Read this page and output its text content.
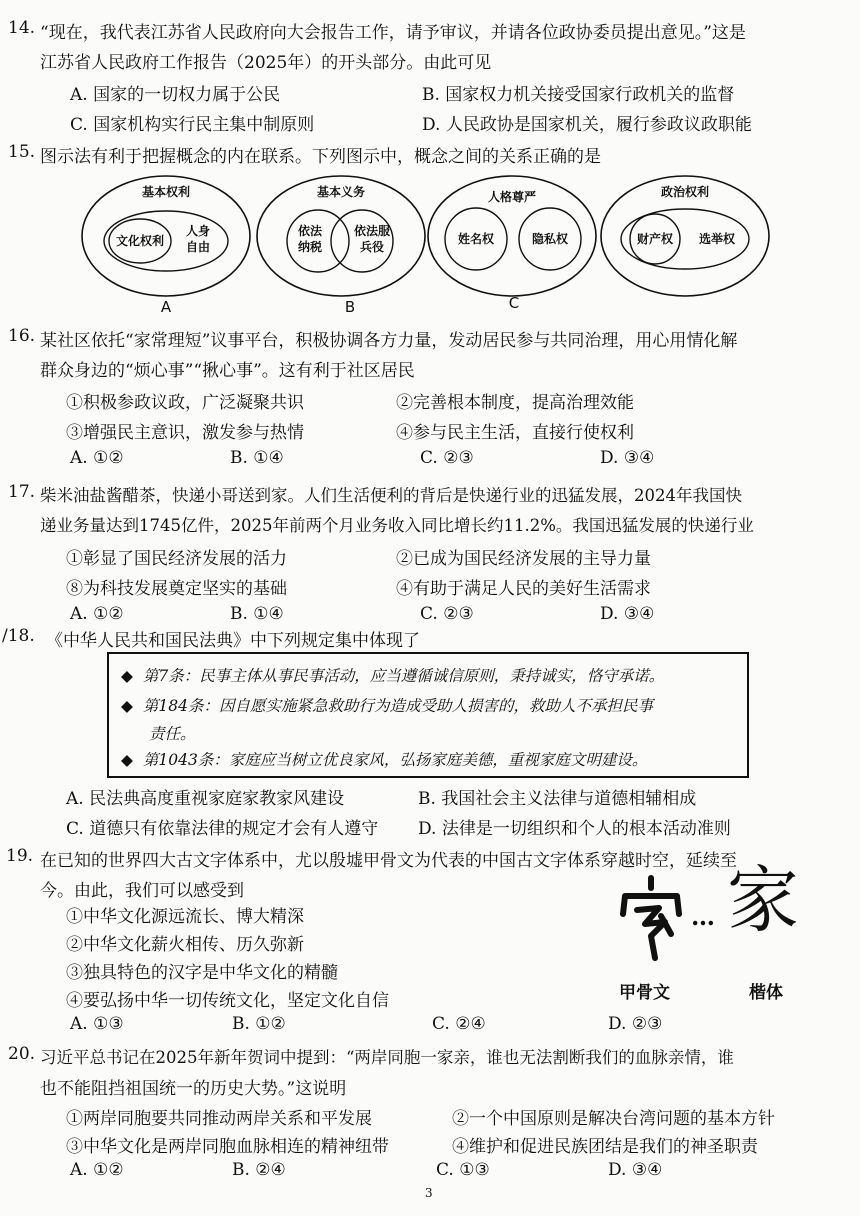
14. “现在，我代表江苏省人民政府向大会报告工作，请予审议，并请各位政协委员提出意见。”这是
江苏省人民政府工作报告（2025年）的开头部分。由此可见
A. 国家的一切权力属于公民	B. 国家权力机关接受国家行政机关的监督
C. 国家机构实行民主集中制原则	D. 人民政协是国家机关，履行参政议政职能
15. 图示法有利于把握概念的内在联系。下列图示中，概念之间的关系正确的是
基本权利
文化权利
人身
自由
A
基本义务
依法
纳税
依法服
兵役
B
人格尊严
姓名权	隐私权
C
政治权利
财产权 选举权
16. 某社区依托“家常理短”议事平台，积极协调各方力量，发动居民参与共同治理，用心用情化解
群众身边的“烦心事”“揪心事”。这有利于社区居民
①积极参政议政，广泛凝聚共识	②完善根本制度，提高治理效能
③增强民主意识，激发参与热情	④参与民主生活，直接行使权利
A. ①②	B. ①④	C. ②③	D. ③④
17. 柴米油盐酱醋茶，快递小哥送到家。人们生活便利的背后是快递行业的迅猛发展，2024年我国快
递业务量达到1745亿件，2025年前两个月业务收入同比增长约11.2%。我国迅猛发展的快递行业
①彰显了国民经济发展的活力	②已成为国民经济发展的主导力量
⑧为科技发展奠定坚实的基础	④有助于满足人民的美好生活需求
A. ①②	B. ①④	C. ②③	D. ③④
/18. 《中华人民共和国民法典》中下列规定集中体现了
◆ 第7条：民事主体从事民事活动，应当遵循诚信原则，秉持诚实，恪守承诺。
◆ 第184条：因自愿实施紧急救助行为造成受助人损害的，救助人不承担民事
责任。
◆ 第1043条：家庭应当树立优良家风，弘扬家庭美德，重视家庭文明建设。
A. 民法典高度重视家庭家教家风建设	B. 我国社会主义法律与道德相辅相成
C. 道德只有依靠法律的规定才会有人遵守 D. 法律是一切组织和个人的根本活动准则
19. 在已知的世界四大古文字体系中，尤以殷墟甲骨文为代表的中国古文字体系穿越时空，延续至
今。由此，我们可以感受到
①中华文化源远流长、博大精深
②中华文化薪火相传、历久弥新
③独具特色的汉字是中华文化的精髓
④要弘扬中华一切传统文化，坚定文化自信
A. ①③	B. ①②	C. ②④	D. ②③
… 家
甲骨文	楷体
20. 习近平总书记在2025年新年贺词中提到：“两岸同胞一家亲，谁也无法割断我们的血脉亲情，谁
也不能阻挡祖国统一的历史大势。”这说明
①两岸同胞要共同推动两岸关系和平发展	②一个中国原则是解决台湾问题的基本方针
③中华文化是两岸同胞血脉相连的精神纽带	④维护和促进民族团结是我们的神圣职责
A. ①②	B. ②④	C. ①③	D. ③④
3
